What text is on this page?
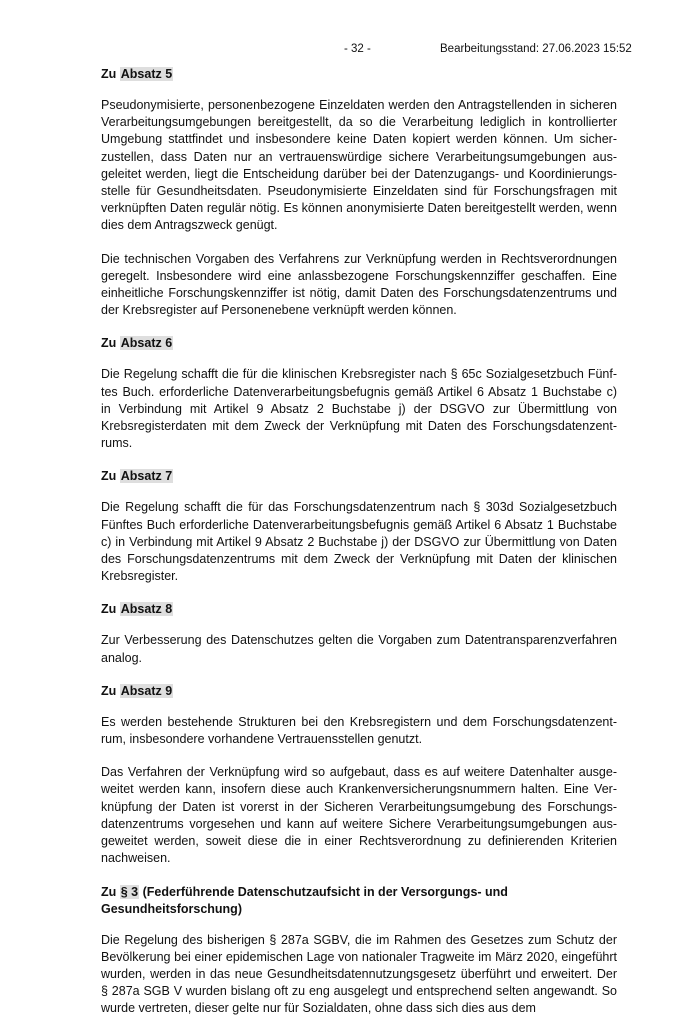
- 32 -	Bearbeitungsstand: 27.06.2023 15:52
Zu Absatz 5

Pseudonymisierte, personenbezogene Einzeldaten werden den Antragstellenden in sicheren Verarbeitungsumgebungen bereitgestellt, da so die Verarbeitung lediglich in kontrollierter Umgebung stattfindet und insbesondere keine Daten kopiert werden können. Um sicherzustellen, dass Daten nur an vertrauenswürdige sichere Verarbeitungsumgebungen ausgeleitet werden, liegt die Entscheidung darüber bei der Datenzugangs- und Koordinierungsstelle für Gesundheitsdaten. Pseudonymisierte Einzeldaten sind für Forschungsfragen mit verknüpften Daten regulär nötig. Es können anonymisierte Daten bereitgestellt werden, wenn dies dem Antragszweck genügt.

Die technischen Vorgaben des Verfahrens zur Verknüpfung werden in Rechtsverordnungen geregelt. Insbesondere wird eine anlassbezogene Forschungskennziffer geschaffen. Eine einheitliche Forschungskennziffer ist nötig, damit Daten des Forschungsdatenzentrums und der Krebsregister auf Personenebene verknüpft werden können.

Zu Absatz 6

Die Regelung schafft die für die klinischen Krebsregister nach § 65c Sozialgesetzbuch Fünftes Buch. erforderliche Datenverarbeitungsbefugnis gemäß Artikel 6 Absatz 1 Buchstabe c) in Verbindung mit Artikel 9 Absatz 2 Buchstabe j) der DSGVO zur Übermittlung von Krebsregisterdaten mit dem Zweck der Verknüpfung mit Daten des Forschungsdatenzentrums.

Zu Absatz 7

Die Regelung schafft die für das Forschungsdatenzentrum nach § 303d Sozialgesetzbuch Fünftes Buch erforderliche Datenverarbeitungsbefugnis gemäß Artikel 6 Absatz 1 Buchstabe c) in Verbindung mit Artikel 9 Absatz 2 Buchstabe j) der DSGVO zur Übermittlung von Daten des Forschungsdatenzentrums mit dem Zweck der Verknüpfung mit Daten der klinischen Krebsregister.

Zu Absatz 8

Zur Verbesserung des Datenschutzes gelten die Vorgaben zum Datentransparenzverfahren analog.

Zu Absatz 9

Es werden bestehende Strukturen bei den Krebsregistern und dem Forschungsdatenzentrum, insbesondere vorhandene Vertrauensstellen genutzt.

Das Verfahren der Verknüpfung wird so aufgebaut, dass es auf weitere Datenhalter ausgeweitet werden kann, insofern diese auch Krankenversicherungsnummern halten. Eine Verknüpfung der Daten ist vorerst in der Sicheren Verarbeitungsumgebung des Forschungsdatenzentrums vorgesehen und kann auf weitere Sichere Verarbeitungsumgebungen ausgeweitet werden, soweit diese die in einer Rechtsverordnung zu definierenden Kriterien nachweisen.

Zu § 3 (Federführende Datenschutzaufsicht in der Versorgungs- und Gesundheitsforschung)

Die Regelung des bisherigen § 287a SGBV, die im Rahmen des Gesetzes zum Schutz der Bevölkerung bei einer epidemischen Lage von nationaler Tragweite im März 2020, eingeführt wurden, werden in das neue Gesundheitsdatennutzungsgesetz überführt und erweitert. Der § 287a SGB V wurden bislang oft zu eng ausgelegt und entsprechend selten angewandt. So wurde vertreten, dieser gelte nur für Sozialdaten, ohne dass sich dies aus dem
